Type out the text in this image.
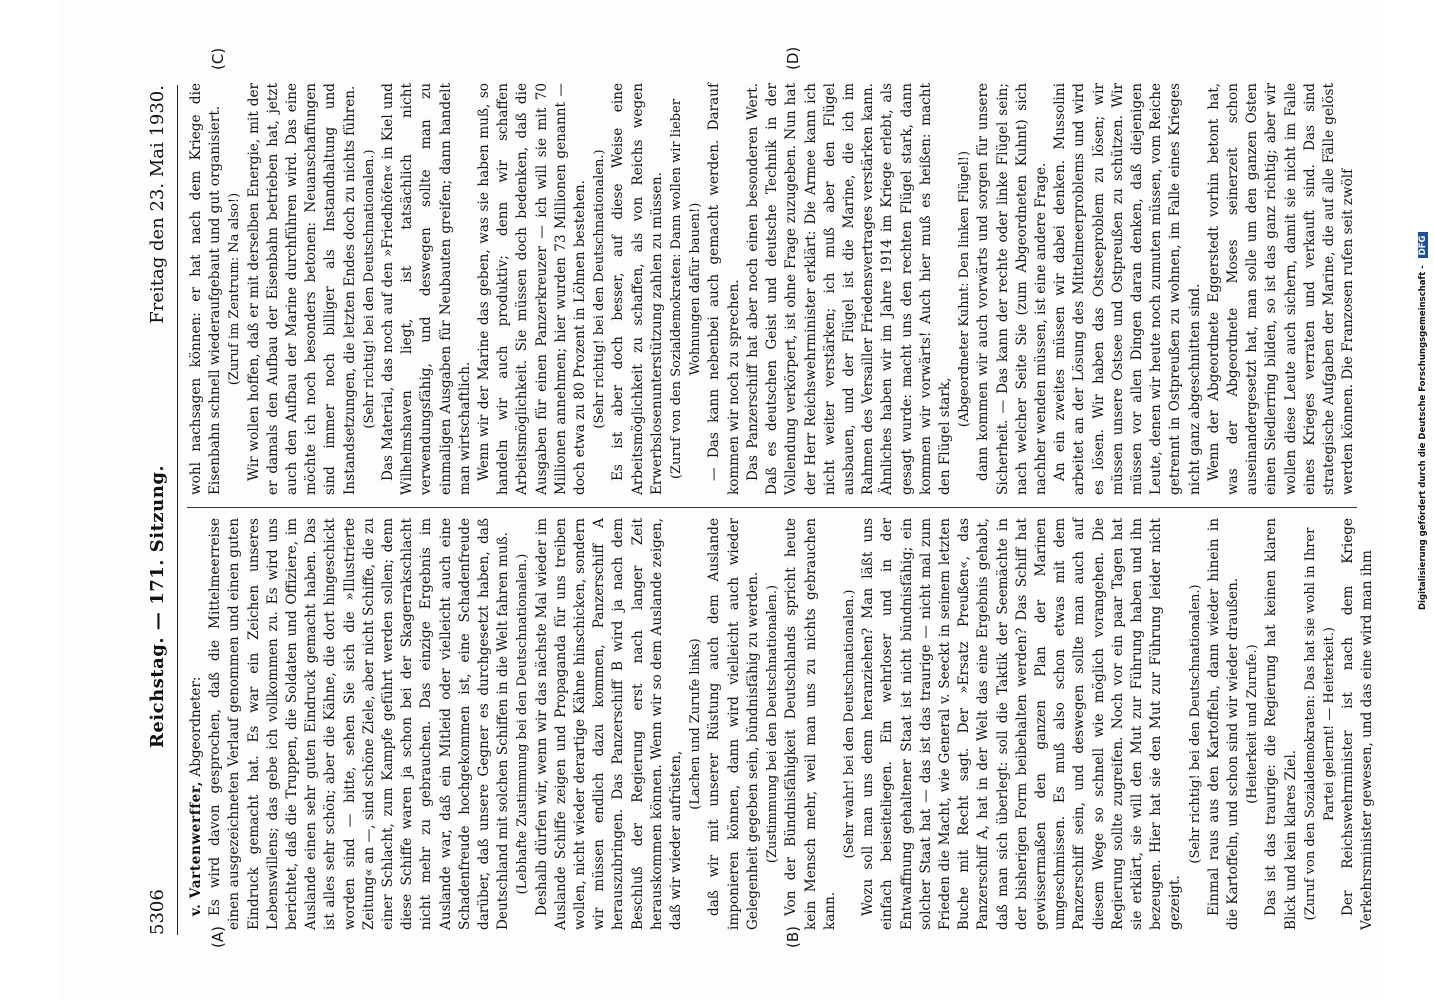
5306
Reichstag. — 171. Sitzung.
Freitag den 23. Mai 1930.
(A)	(B)
(C)	(D)

v. Vartenwerffer, Abgeordneter: Es wird davon gesprochen, daß die Mittelmeerreise einen ausgezeichneten Verlauf genommen und einen guten Eindruck gemacht hat. Es war ein Zeichen unseres Lebenswillens; das gebe ich vollkommen zu. Es wird uns berichtet, daß die Truppen, die Soldaten und Offiziere, im Auslande einen sehr guten Eindruck gemacht haben. Das ist alles sehr schön; aber die Kähne, die dort hingeschickt worden sind — bitte, sehen Sie sich die »Illustrierte Zeitung« an —, sind schöne Ziele, aber nicht Schiffe, die zu einer Schlacht, zum Kampfe geführt werden sollen; denn diese Schiffe waren ja schon bei der Skagerrakschlacht nicht mehr zu gebrauchen. Das einzige Ergebnis im Auslande war, daß ein Mitleid oder vielleicht auch eine Schadenfreude hochgekommen ist, eine Schadenfreude darüber, daß unsere Gegner es durchgesetzt haben, daß Deutschland mit solchen Schiffen in die Welt fahren muß. (Lebhafte Zustimmung bei den Deutschnationalen.) Deshalb dürfen wir, wenn wir das nächste Mal wieder im Auslande Schiffe zeigen und Propaganda für uns treiben wollen, nicht wieder derartige Kähne hinschicken, sondern wir müssen endlich dazu kommen, Panzerschiff A herauszubringen. Das Panzerschiff B wird ja nach dem Beschluß der Regierung erst nach langer Zeit herauskommen können. Wenn wir so dem Auslande zeigen, daß wir wieder aufrüsten,

(Lachen und Zurufe links) daß wir mit unserer Rüstung auch dem Auslande imponieren können, dann wird vielleicht auch wieder Gelegenheit gegeben sein, bündnisfähig zu werden. (Zustimmung bei den Deutschnationalen.) Von der Bündnisfähigkeit Deutschlands spricht heute kein Mensch mehr, weil man uns zu nichts gebrauchen kann.

(Sehr wahr! bei den Deutschnationalen.) Wozu soll man uns denn heranziehen? Man läßt uns einfach beiseiteliegen. Ein wehrloser und in der Entwaffnung gehaltener Staat ist nicht bündnisfähig; ein solcher Staat hat — das ist das traurige — nicht mal zum Frieden die Macht, wie General v. Seeckt in seinem letzten Buche mit Recht sagt. Der »Ersatz Preußen«, das Panzerschiff A, hat in der Welt das eine Ergebnis gehabt, daß man sich überlegt: soll die Taktik der Seemächte in der bisherigen Form beibehalten werden? Das Schiff hat gewissermaßen den ganzen Plan der Marinen umgeschmissen. Es muß also schon etwas mit dem Panzerschiff sein, und deswegen sollte man auch auf diesem Wege so schnell wie möglich vorangehen. Die Regierung sollte zugreifen. Noch vor ein paar Tagen hat sie erklärt, sie will den Mut zur Führung haben und ihn bezeugen. Hier hat sie den Mut zur Führung leider nicht gezeigt.

(Sehr richtig! bei den Deutschnationalen.) Einmal raus aus den Kartoffeln, dann wieder hinein in die Kartoffeln, und schon sind wir wieder draußen. (Heiterkeit und Zurufe.) Das ist das traurige: die Regierung hat keinen klaren Blick und kein klares Ziel. (Zuruf von den Sozialdemokraten: Das hat sie wohl in Ihrer Partei gelernt! — Heiterkeit.) Der Reichswehrminister ist nach dem Kriege Verkehrsminister gewesen, und das eine wird man ihm

wohl nachsagen können: er hat nach dem Kriege die Eisenbahn schnell wiederaufgebaut und gut organisiert. (Zuruf im Zentrum: Na also!) Wir wollen hoffen, daß er mit derselben Energie, mit der er damals den Aufbau der Eisenbahn betrieben hat, jetzt auch den Aufbau der Marine durchführen wird. Das eine möchte ich noch besonders betonen: Neuanschaffungen sind immer noch billiger als Instandhaltung und Instandsetzungen, die letzten Endes doch zu nichts führen. (Sehr richtig! bei den Deutschnationalen.) Das Material, das noch auf den »Friedhöfen« in Kiel und Wilhelmshaven liegt, ist tatsächlich nicht verwendungsfähig, und deswegen sollte man zu einmaligen Ausgaben für Neubauten greifen; dann handelt man wirtschaftlich. Wenn wir der Marine das geben, was sie haben muß, so handeln wir auch produktiv; denn wir schaffen Arbeitsmöglichkeit. Sie müssen doch bedenken, daß die Ausgaben für einen Panzerkreuzer — ich will sie mit 70 Millionen annehmen; hier wurden 73 Millionen genannt — doch etwa zu 80 Prozent in Löhnen bestehen. (Sehr richtig! bei den Deutschnationalen.) Es ist aber doch besser, auf diese Weise eine Arbeitsmöglichkeit zu schaffen, als von Reichs wegen Erwerbslosenunterstützung zahlen zu müssen. (Zuruf von den Sozialdemokraten: Dann wollen wir lieber Wohnungen dafür bauen!) — Das kann nebenbei auch gemacht werden. Darauf kommen wir noch zu sprechen. Das Panzerschiff hat aber noch einen besonderen Wert. Daß es deutschen Geist und deutsche Technik in der Vollendung verkörpert, ist ohne Frage zuzugeben. Nun hat der Herr Reichswehrminister erklärt: Die Armee kann ich nicht weiter verstärken; ich muß aber den Flügel ausbauen, und der Flügel ist die Marine, die ich im Rahmen des Versailler Friedensvertrages verstärken kann. Ähnliches haben wir im Jahre 1914 im Kriege erlebt, als gesagt wurde: macht uns den rechten Flügel stark, dann kommen wir vorwärts! Auch hier muß es heißen: macht den Flügel stark,

(Abgeordneter Kuhnt: Den linken Flügel!) dann kommen wir auch vorwärts und sorgen für unsere Sicherheit. — Das kann der rechte oder linke Flügel sein; nach welcher Seite Sie (zum Abgeordneten Kuhnt) sich nachher wenden müssen, ist eine andere Frage. An ein zweites müssen wir dabei denken. Mussolini arbeitet an der Lösung des Mittelmeerproblems und wird es lösen. Wir haben das Ostseeproblem zu lösen; wir müssen unsere Ostsee und Ostpreußen zu schützen. Wir müssen vor allen Dingen daran denken, daß diejenigen Leute, denen wir heute noch zumuten müssen, vom Reiche getrennt in Ostpreußen zu wohnen, im Falle eines Krieges nicht ganz abgeschnitten sind. Wenn der Abgeordnete Eggerstedt vorhin betont hat, was der Abgeordnete Moses seinerzeit schon auseinandergesetzt hat, man solle um den ganzen Osten einen Siedlerring bilden, so ist das ganz richtig; aber wir wollen diese Leute auch sichern, damit sie nicht im Falle eines Krieges verraten und verkauft sind. Das sind strategische Aufgaben der Marine, die auf alle Fälle gelöst werden können. Die Franzosen rufen seit zwölf	Digitalisierung gefördert durch die Deutsche Forschungsgemeinschaft - DFG
